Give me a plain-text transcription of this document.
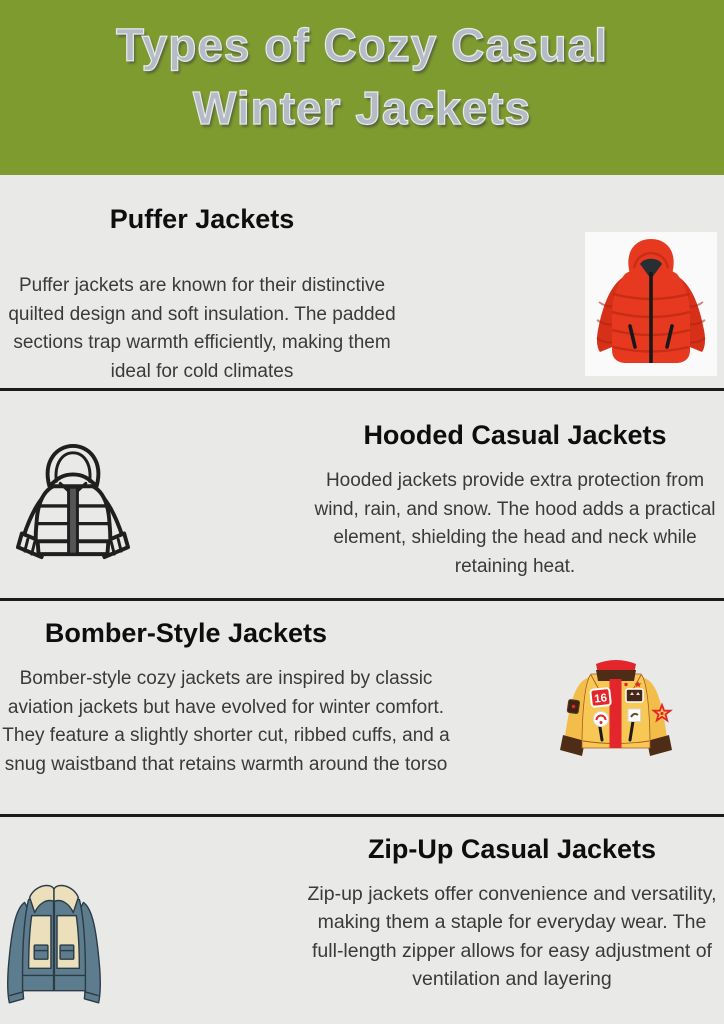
Types of Cozy Casual
Winter Jackets
Puffer Jackets

Puffer jackets are known for their distinctive quilted design and soft insulation. The padded sections trap warmth efficiently, making them ideal for cold climates

Hooded Casual Jackets

Hooded jackets provide extra protection from wind, rain, and snow. The hood adds a practical element, shielding the head and neck while retaining heat.

Bomber-Style Jackets

Bomber-style cozy jackets are inspired by classic aviation jackets but have evolved for winter comfort. They feature a slightly shorter cut, ribbed cuffs, and a snug waistband that retains warmth around the torso

16
Zip-Up Casual Jackets

Zip-up jackets offer convenience and versatility, making them a staple for everyday wear. The full-length zipper allows for easy adjustment of ventilation and layering
